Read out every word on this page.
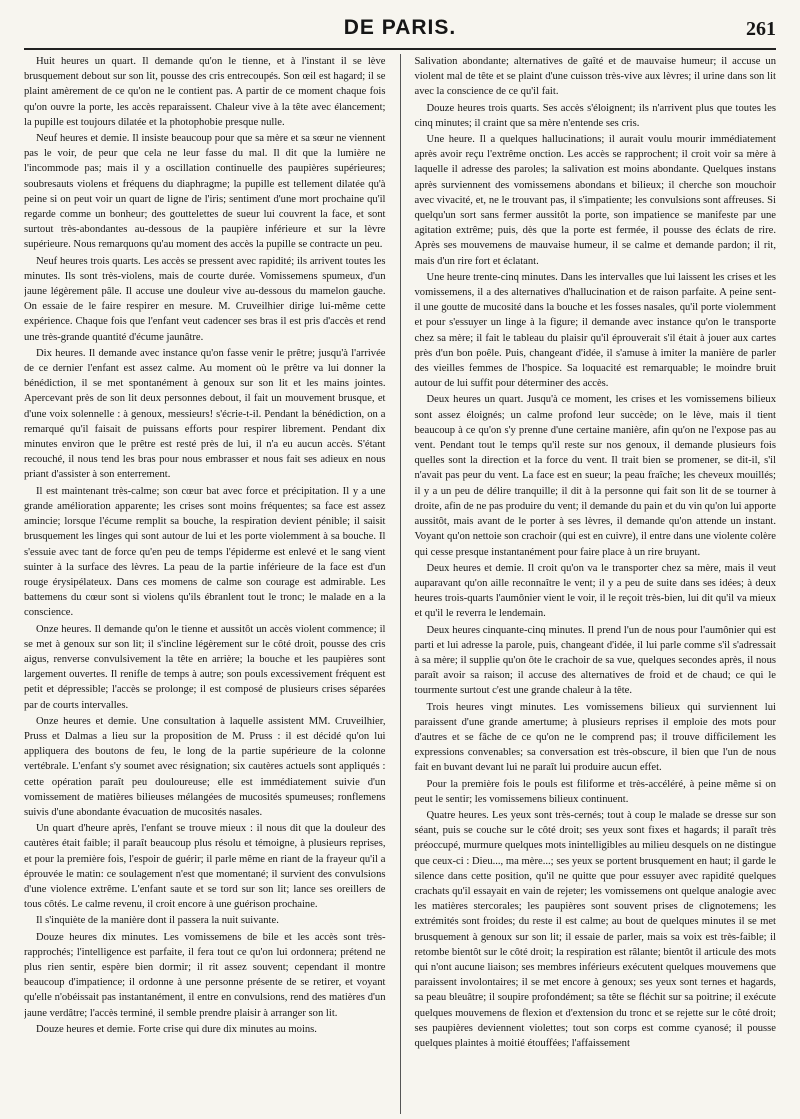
DE PARIS.	261

Huit heures un quart. Il demande qu'on le tienne, et à l'instant il se lève brusquement debout sur son lit, pousse des cris entrecoupés. Son œil est hagard; il se plaint amèrement de ce qu'on ne le contient pas. A partir de ce moment chaque fois qu'on ouvre la porte, les accès reparaissent. Chaleur vive à la tête avec élancement; la pupille est toujours dilatée et la photophobie presque nulle.

Neuf heures et demie. Il insiste beaucoup pour que sa mère et sa sœur ne viennent pas le voir, de peur que cela ne leur fasse du mal. Il dit que la lumière ne l'incommode pas; mais il y a oscillation continuelle des paupières supérieures; soubresauts violens et fréquens du diaphragme; la pupille est tellement dilatée qu'à peine si on peut voir un quart de ligne de l'iris; sentiment d'une mort prochaine qu'il regarde comme un bonheur; des gouttelettes de sueur lui couvrent la face, et sont surtout très-abondantes au-dessous de la paupière inférieure et sur la lèvre supérieure. Nous remarquons qu'au moment des accès la pupille se contracte un peu.

Neuf heures trois quarts. Les accès se pressent avec rapidité; ils arrivent toutes les minutes. Ils sont très-violens, mais de courte durée. Vomissemens spumeux, d'un jaune légèrement pâle. Il accuse une douleur vive au-dessous du mamelon gauche. On essaie de le faire respirer en mesure. M. Cruveilhier dirige lui-même cette expérience. Chaque fois que l'enfant veut cadencer ses bras il est pris d'accès et rend une très-grande quantité d'écume jaunâtre.

Dix heures. Il demande avec instance qu'on fasse venir le prêtre; jusqu'à l'arrivée de ce dernier l'enfant est assez calme. Au moment où le prêtre va lui donner la bénédiction, il se met spontanément à genoux sur son lit et les mains jointes. Apercevant près de son lit deux personnes debout, il fait un mouvement brusque, et d'une voix solennelle : à genoux, messieurs! s'écrie-t-il. Pendant la bénédiction, on a remarqué qu'il faisait de puissans efforts pour respirer librement. Pendant dix minutes environ que le prêtre est resté près de lui, il n'a eu aucun accès. S'étant recouché, il nous tend les bras pour nous embrasser et nous fait ses adieux en nous priant d'assister à son enterrement.

Il est maintenant très-calme; son cœur bat avec force et précipitation. Il y a une grande amélioration apparente; les crises sont moins fréquentes; sa face est assez amincie; lorsque l'écume remplit sa bouche, la respiration devient pénible; il saisit brusquement les linges qui sont autour de lui et les porte violemment à sa bouche. Il s'essuie avec tant de force qu'en peu de temps l'épiderme est enlevé et le sang vient suinter à la surface des lèvres. La peau de la partie inférieure de la face est d'un rouge érysipélateux. Dans ces momens de calme son courage est admirable. Les battemens du cœur sont si violens qu'ils ébranlent tout le tronc; le malade en a la conscience.

Onze heures. Il demande qu'on le tienne et aussitôt un accès violent commence; il se met à genoux sur son lit; il s'incline légèrement sur le côté droit, pousse des cris aigus, renverse convulsivement la tête en arrière; la bouche et les paupières sont largement ouvertes. Il renifle de temps à autre; son pouls excessivement fréquent est petit et dépressible; l'accès se prolonge; il est composé de plusieurs crises séparées par de courts intervalles.

Onze heures et demie. Une consultation à laquelle assistent MM. Cruveilhier, Pruss et Dalmas a lieu sur la proposition de M. Pruss : il est décidé qu'on lui appliquera des boutons de feu, le long de la partie supérieure de la colonne vertébrale. L'enfant s'y soumet avec résignation; six cautères actuels sont appliqués : cette opération paraît peu douloureuse; elle est immédiatement suivie d'un vomissement de matières bilieuses mélangées de mucosités spumeuses; ronflemens suivis d'une abondante évacuation de mucosités nasales.

Un quart d'heure après, l'enfant se trouve mieux : il nous dit que la douleur des cautères était faible; il paraît beaucoup plus résolu et témoigne, à plusieurs reprises, et pour la première fois, l'espoir de guérir; il parle même en riant de la frayeur qu'il a éprouvée le matin: ce soulagement n'est que momentané; il survient des convulsions d'une violence extrême. L'enfant saute et se tord sur son lit; lance ses oreillers de tous côtés. Le calme revenu, il croit encore à une guérison prochaine.

Il s'inquiète de la manière dont il passera la nuit suivante.

Douze heures dix minutes. Les vomissemens de bile et les accès sont très-rapprochés; l'intelligence est parfaite, il fera tout ce qu'on lui ordonnera; prétend ne plus rien sentir, espère bien dormir; il rit assez souvent; cependant il montre beaucoup d'impatience; il ordonne à une personne présente de se retirer, et voyant qu'elle n'obéissait pas instantanément, il entre en convulsions, rend des matières d'un jaune verdâtre; l'accès terminé, il semble prendre plaisir à arranger son lit.

Douze heures et demie. Forte crise qui dure dix minutes au moins.

Salivation abondante; alternatives de gaîté et de mauvaise humeur; il accuse un violent mal de tête et se plaint d'une cuisson très-vive aux lèvres; il urine dans son lit avec la conscience de ce qu'il fait.

Douze heures trois quarts. Ses accès s'éloignent; ils n'arrivent plus que toutes les cinq minutes; il craint que sa mère n'entende ses cris.

Une heure. Il a quelques hallucinations; il aurait voulu mourir immédiatement après avoir reçu l'extrême onction. Les accès se rapprochent; il croit voir sa mère à laquelle il adresse des paroles; la salivation est moins abondante. Quelques instans après surviennent des vomissemens abondans et bilieux; il cherche son mouchoir avec vivacité, et, ne le trouvant pas, il s'impatiente; les convulsions sont affreuses. Si quelqu'un sort sans fermer aussitôt la porte, son impatience se manifeste par une agitation extrême; puis, dès que la porte est fermée, il pousse des éclats de rire. Après ses mouvemens de mauvaise humeur, il se calme et demande pardon; il rit, mais d'un rire fort et éclatant.

Une heure trente-cinq minutes. Dans les intervalles que lui laissent les crises et les vomissemens, il a des alternatives d'hallucination et de raison parfaite. A peine sent-il une goutte de mucosité dans la bouche et les fosses nasales, qu'il porte violemment et pour s'essuyer un linge à la figure; il demande avec instance qu'on le transporte chez sa mère; il fait le tableau du plaisir qu'il éprouverait s'il était à jouer aux cartes près d'un bon poêle. Puis, changeant d'idée, il s'amuse à imiter la manière de parler des vieilles femmes de l'hospice. Sa loquacité est remarquable; le moindre bruit autour de lui suffit pour déterminer des accès.

Deux heures un quart. Jusqu'à ce moment, les crises et les vomissemens bilieux sont assez éloignés; un calme profond leur succède; on le lève, mais il tient beaucoup à ce qu'on s'y prenne d'une certaine manière, afin qu'on ne l'expose pas au vent. Pendant tout le temps qu'il reste sur nos genoux, il demande plusieurs fois quelles sont la direction et la force du vent. Il trait bien se promener, se dit-il, s'il n'avait pas peur du vent. La face est en sueur; la peau fraîche; les cheveux mouillés; il y a un peu de délire tranquille; il dit à la personne qui fait son lit de se tourner à droite, afin de ne pas produire du vent; il demande du pain et du vin qu'on lui apporte aussitôt, mais avant de le porter à ses lèvres, il demande qu'on attende un instant. Voyant qu'on nettoie son crachoir (qui est en cuivre), il entre dans une violente colère qui cesse presque instantanément pour faire place à un rire bruyant.

Deux heures et demie. Il croit qu'on va le transporter chez sa mère, mais il veut auparavant qu'on aille reconnaître le vent; il y a peu de suite dans ses idées; à deux heures trois-quarts l'aumônier vient le voir, il le reçoit très-bien, lui dit qu'il va mieux et qu'il le reverra le lendemain.

Deux heures cinquante-cinq minutes. Il prend l'un de nous pour l'aumônier qui est parti et lui adresse la parole, puis, changeant d'idée, il lui parle comme s'il s'adressait à sa mère; il supplie qu'on ôte le crachoir de sa vue, quelques secondes après, il nous paraît avoir sa raison; il accuse des alternatives de froid et de chaud; ce qui le tourmente surtout c'est une grande chaleur à la tête.

Trois heures vingt minutes. Les vomissemens bilieux qui surviennent lui paraissent d'une grande amertume; à plusieurs reprises il emploie des mots pour d'autres et se fâche de ce qu'on ne le comprend pas; il trouve difficilement les expressions convenables; sa conversation est très-obscure, il bien que l'un de nous fait en buvant devant lui ne paraît lui produire aucun effet.

Pour la première fois le pouls est filiforme et très-accéléré, à peine même si on peut le sentir; les vomissemens bilieux continuent.

Quatre heures. Les yeux sont très-cernés; tout à coup le malade se dresse sur son séant, puis se couche sur le côté droit; ses yeux sont fixes et hagards; il paraît très préoccupé, murmure quelques mots inintelligibles au milieu desquels on ne distingue que ceux-ci : Dieu..., ma mère...; ses yeux se portent brusquement en haut; il garde le silence dans cette position, qu'il ne quitte que pour essuyer avec rapidité quelques crachats qu'il essayait en vain de rejeter; les vomissemens ont quelque analogie avec les matières stercorales; les paupières sont souvent prises de clignotemens; les extrémités sont froides; du reste il est calme; au bout de quelques minutes il se met brusquement à genoux sur son lit; il essaie de parler, mais sa voix est très-faible; il retombe bientôt sur le côté droit; la respiration est râlante; bientôt il articule des mots qui n'ont aucune liaison; ses membres inférieurs exécutent quelques mouvemens que paraissent involontaires; il se met encore à genoux; ses yeux sont ternes et hagards, sa peau bleuâtre; il soupire profondément; sa tête se fléchit sur sa poitrine; il exécute quelques mouvemens de flexion et d'extension du tronc et se rejette sur le côté droit; ses paupières deviennent violettes; tout son corps est comme cyanosé; il pousse quelques plaintes à moitié étouffées; l'affaissement
